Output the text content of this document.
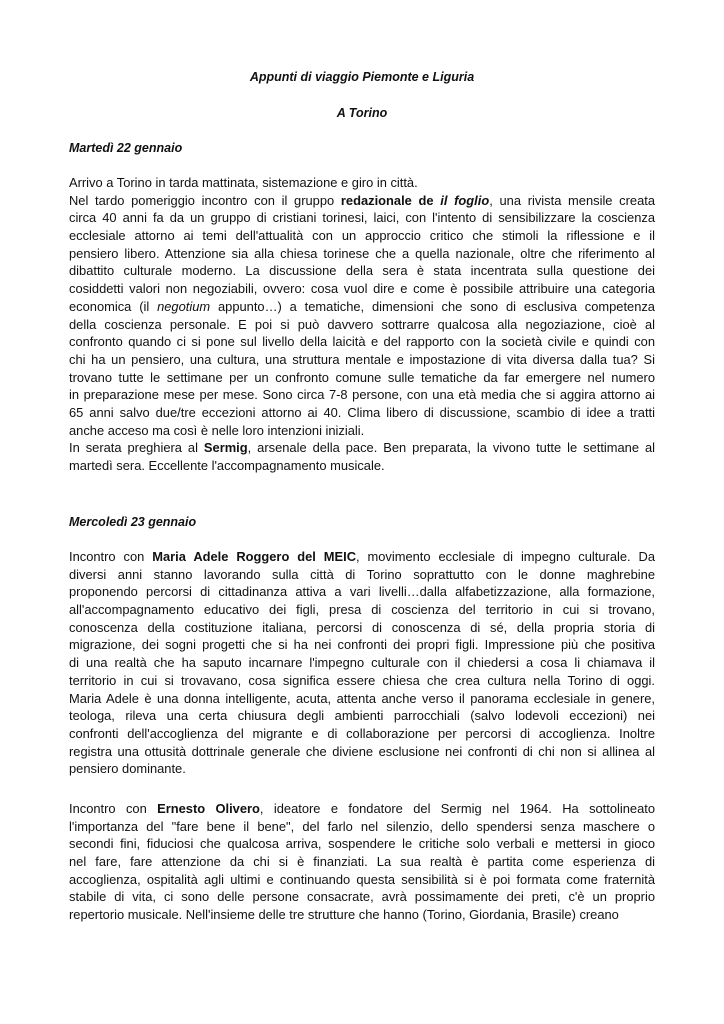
Appunti di viaggio Piemonte e Liguria
A Torino
Martedì 22 gennaio
Arrivo a Torino in tarda mattinata, sistemazione e giro in città.
Nel tardo pomeriggio incontro con il gruppo redazionale de il foglio, una rivista mensile creata
circa 40 anni fa da un gruppo di cristiani torinesi, laici, con l'intento di sensibilizzare la coscienza
ecclesiale attorno ai temi dell'attualità con un approccio critico che stimoli la riflessione e il
pensiero libero. Attenzione sia alla chiesa torinese che a quella nazionale, oltre che riferimento al
dibattito culturale moderno. La discussione della sera è stata incentrata sulla questione dei
cosiddetti valori non negoziabili, ovvero: cosa vuol dire e come è possibile attribuire una categoria
economica (il negotium appunto…) a tematiche, dimensioni che sono di esclusiva competenza
della coscienza personale. E poi si può davvero sottrarre qualcosa alla negoziazione, cioè al
confronto quando ci si pone sul livello della laicità e del rapporto con la società civile e quindi con
chi ha un pensiero, una cultura, una struttura mentale e impostazione di vita diversa dalla tua? Si
trovano tutte le settimane per un confronto comune sulle tematiche da far emergere nel numero
in preparazione mese per mese. Sono circa 7-8 persone, con una età media che si aggira attorno ai
65 anni salvo due/tre eccezioni attorno ai 40. Clima libero di discussione, scambio di idee a tratti
anche acceso ma così è nelle loro intenzioni iniziali.
In serata preghiera al Sermig, arsenale della pace. Ben preparata, la vivono tutte le settimane al
martedì sera. Eccellente l'accompagnamento musicale.
Mercoledì 23 gennaio
Incontro con Maria Adele Roggero del MEIC, movimento ecclesiale di impegno culturale. Da
diversi anni stanno lavorando sulla città di Torino soprattutto con le donne maghrebine
proponendo percorsi di cittadinanza attiva a vari livelli…dalla alfabetizzazione, alla formazione,
all'accompagnamento educativo dei figli, presa di coscienza del territorio in cui si trovano,
conoscenza della costituzione italiana, percorsi di conoscenza di sé, della propria storia di
migrazione, dei sogni progetti che si ha nei confronti dei propri figli. Impressione più che positiva
di una realtà che ha saputo incarnare l'impegno culturale con il chiedersi a cosa li chiamava il
territorio in cui si trovavano, cosa significa essere chiesa che crea cultura nella Torino di oggi.
Maria Adele è una donna intelligente, acuta, attenta anche verso il panorama ecclesiale in genere,
teologa, rileva una certa chiusura degli ambienti parrocchiali (salvo lodevoli eccezioni) nei
confronti dell'accoglienza del migrante e di collaborazione per percorsi di accoglienza. Inoltre
registra una ottusità dottrinale generale che diviene esclusione nei confronti di chi non si allinea al
pensiero dominante.
Incontro con Ernesto Olivero, ideatore e fondatore del Sermig nel 1964. Ha sottolineato
l'importanza del "fare bene il bene", del farlo nel silenzio, dello spendersi senza maschere o
secondi fini, fiduciosi che qualcosa arriva, sospendere le critiche solo verbali e mettersi in gioco
nel fare, fare attenzione da chi si è finanziati. La sua realtà è partita come esperienza di
accoglienza, ospitalità agli ultimi e continuando questa sensibilità si è poi formata come fraternità
stabile di vita, ci sono delle persone consacrate, avrà possimamente dei preti, c'è un proprio
repertorio musicale. Nell'insieme delle tre strutture che hanno (Torino, Giordania, Brasile) creano
